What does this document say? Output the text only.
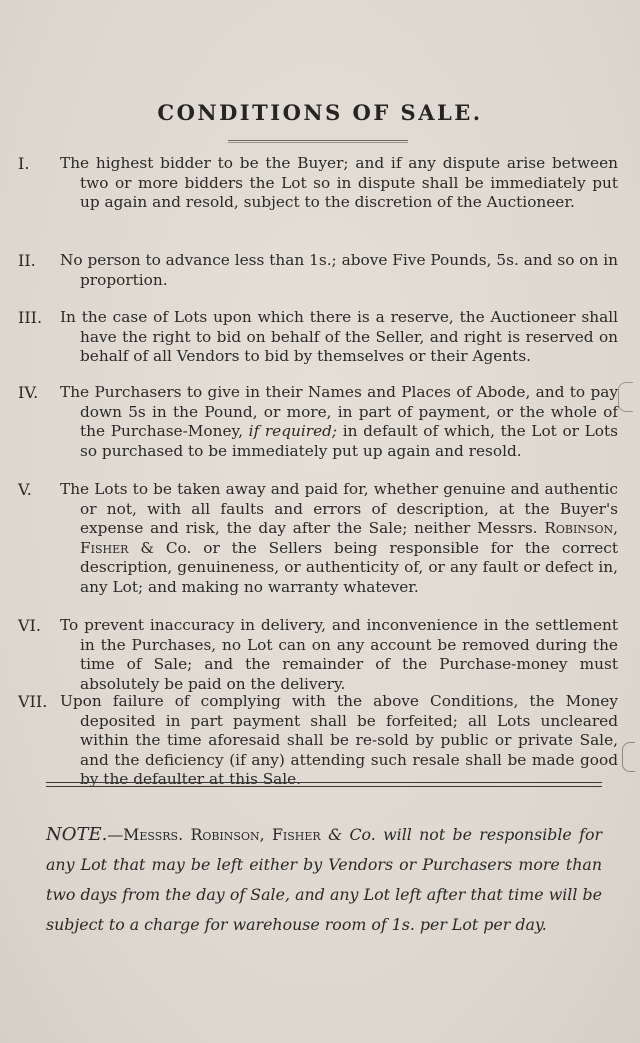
CONDITIONS OF SALE.
I. The highest bidder to be the Buyer; and if any dispute arise between two or more bidders the Lot so in dispute shall be immediately put up again and resold, subject to the discretion of the Auctioneer.
II. No person to advance less than 1s.; above Five Pounds, 5s. and so on in proportion.
III. In the case of Lots upon which there is a reserve, the Auctioneer shall have the right to bid on behalf of the Seller, and right is reserved on behalf of all Vendors to bid by themselves or their Agents.
IV. The Purchasers to give in their Names and Places of Abode, and to pay down 5s in the Pound, or more, in part of payment, or the whole of the Purchase-Money, if required; in default of which, the Lot or Lots so purchased to be immediately put up again and resold.
V. The Lots to be taken away and paid for, whether genuine and authentic or not, with all faults and errors of description, at the Buyer's expense and risk, the day after the Sale; neither Messrs. Robinson, Fisher & Co. or the Sellers being responsible for the correct description, genuineness, or authenticity of, or any fault or defect in, any Lot; and making no warranty whatever.
VI. To prevent inaccuracy in delivery, and inconvenience in the settlement in the Purchases, no Lot can on any account be removed during the time of Sale; and the remainder of the Purchase-money must absolutely be paid on the delivery.
VII. Upon failure of complying with the above Conditions, the Money deposited in part payment shall be forfeited; all Lots uncleared within the time aforesaid shall be re-sold by public or private Sale, and the deficiency (if any) attending such resale shall be made good by the defaulter at this Sale.
NOTE.—Messrs. Robinson, Fisher & Co. will not be responsible for any Lot that may be left either by Vendors or Purchasers more than two days from the day of Sale, and any Lot left after that time will be subject to a charge for warehouse room of 1s. per Lot per day.
